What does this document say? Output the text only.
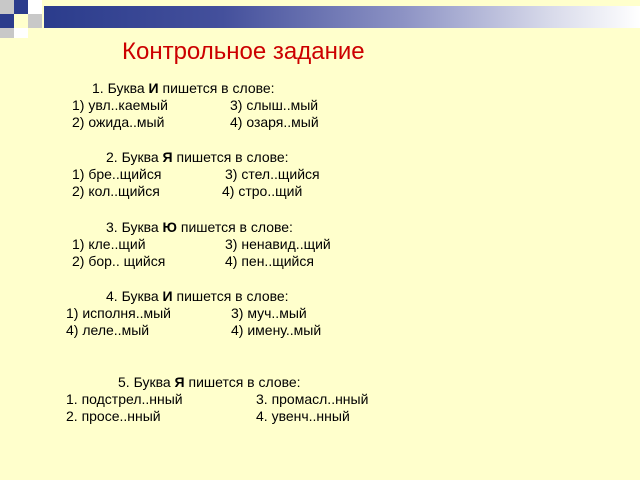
Контрольное задание
1. Буква И пишется в слове:
1) увл..каемый	3) слыш..мый
2) ожида..мый	4) озаря..мый
2. Буква Я пишется в слове:
1) бре..щийся	3) стел..щийся
2) кол..щийся	4) стро..щий
3. Буква Ю пишется в слове:
1) кле..щий	3) ненавид..щий
2) бор.. щийся	4) пен..щийся
4. Буква И пишется в слове:
1) исполня..мый	3) муч..мый
4) леле..мый	4) имену..мый
5. Буква Я пишется в слове:
1. подстрел..нный	3. промасл..нный
2. просе..нный	4. увенч..нный
